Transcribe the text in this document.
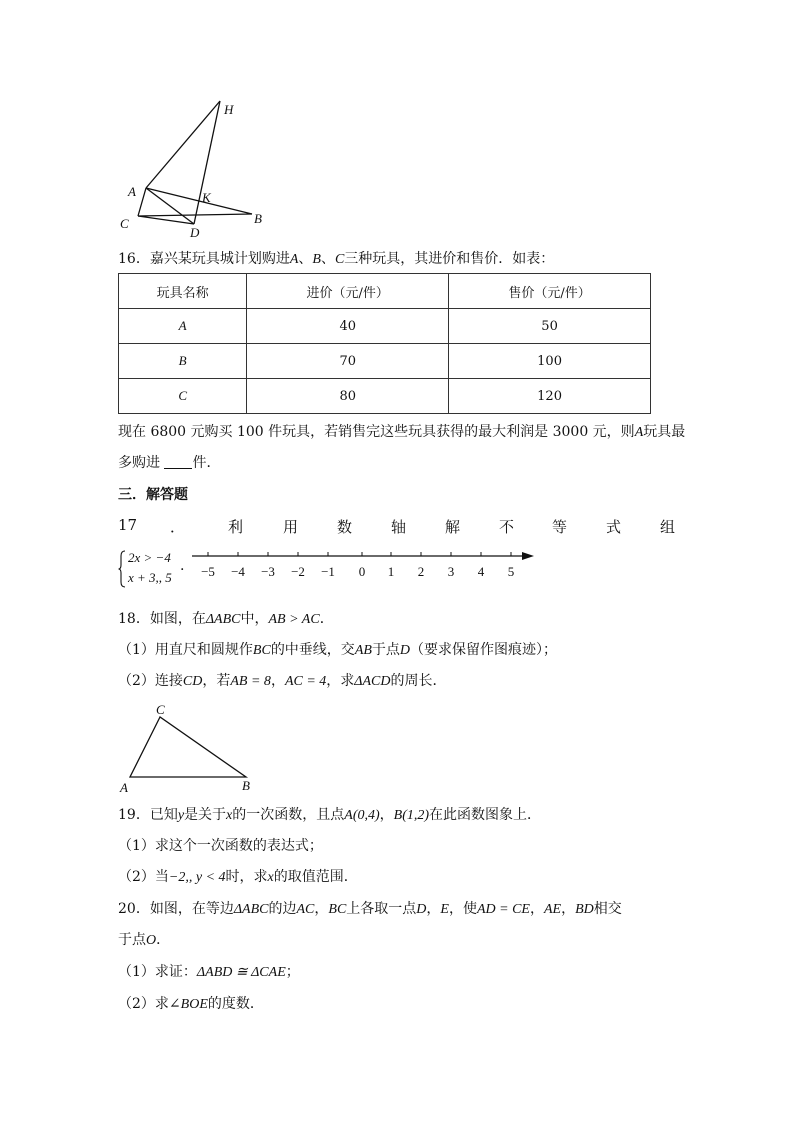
H
A	K
C
D
B
16．嘉兴某玩具城计划购进A、B、C三种玩具，其进价和售价．如表：
玩具名称	进价（元/件）	售价（元/件）
A	40	50
B	70	100
C	80	120
现在 6800 元购买 100 件玩具，若销售完这些玩具获得的最大利润是 3000 元，则A玩具最
多购进 件．
三．解答题
17 ．	利	用	数	轴	解	不	等	式	组
2x > −4
x + 3,, 5
. −5 −4 −3 −2 −1 0 1 2 3 4 5
18．如图，在ΔABC中，AB > AC．
（1）用直尺和圆规作BC的中垂线，交AB于点D（要求保留作图痕迹）；
（2）连接CD，若AB = 8，AC = 4，求ΔACD的周长．
C
A	B
19．已知y是关于x的一次函数，且点A(0,4)，B(1,2)在此函数图象上．
（1）求这个一次函数的表达式；
（2）当−2,, y < 4时，求x的取值范围．
20．如图，在等边ΔABC的边AC，BC上各取一点D，E，使AD = CE，AE，BD相交
于点O．
（1）求证：ΔABD ≅ ΔCAE；
（2）求∠BOE的度数．
